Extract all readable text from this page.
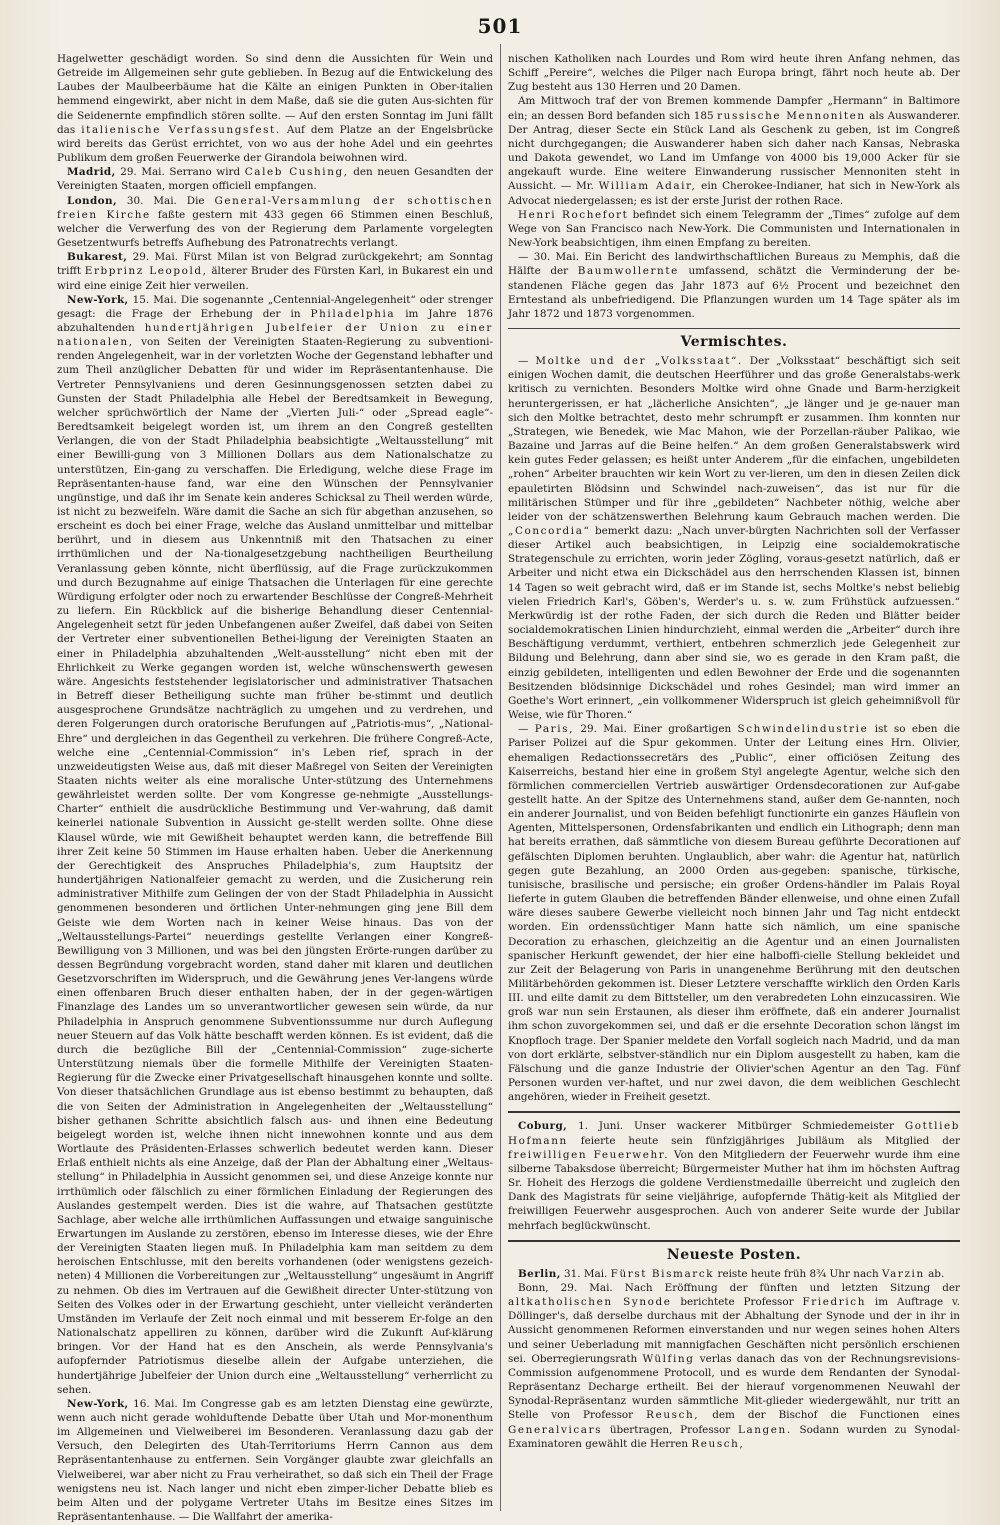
501

Hagelwetter geschädigt worden. So sind denn die Aussichten für Wein und Getreide im Allgemeinen sehr gute geblieben. In Bezug auf die Entwickelung des Laubes der Maulbeerbäume hat die Kälte an einigen Punkten in Ober-italien hemmend eingewirkt, aber nicht in dem Maße, daß sie die guten Aus-sichten für die Seidenernte empfindlich stören sollte. — Auf den ersten Sonntag im Juni fällt das italienische Verfassungsfest. Auf dem Platze an der Engelsbrücke wird bereits das Gerüst errichtet, von wo aus der hohe Adel und ein geehrtes Publikum dem großen Feuerwerke der Girandola beiwohnen wird.

Madrid, 29. Mai. Serrano wird Caleb Cushing, den neuen Gesandten der Vereinigten Staaten, morgen officiell empfangen.

London, 30. Mai. Die General-Versammlung der schottischen freien Kirche faßte gestern mit 433 gegen 66 Stimmen einen Beschluß, welcher die Verwerfung des von der Regierung dem Parlamente vorgelegten Gesetzentwurfs betreffs Aufhebung des Patronatrechts verlangt.

Bukarest, 29. Mai. Fürst Milan ist von Belgrad zurückgekehrt; am Sonntag trifft Erbprinz Leopold, älterer Bruder des Fürsten Karl, in Bukarest ein und wird eine einige Zeit hier verweilen.

New-York, 15. Mai. Die sogenannte „Centennial-Angelegenheit“ oder strenger gesagt: die Frage der Erhebung der in Philadelphia im Jahre 1876 abzuhaltenden hundertjährigen Jubelfeier der Union zu einer nationalen, von Seiten der Vereinigten Staaten-Regierung zu subventioni-renden Angelegenheit, war in der vorletzten Woche der Gegenstand lebhafter und zum Theil anzüglicher Debatten für und wider im Repräsentantenhause. Die Vertreter Pennsylvaniens und deren Gesinnungsgenossen setzten dabei zu Gunsten der Stadt Philadelphia alle Hebel der Beredtsamkeit in Bewegung, welcher sprüchwörtlich der Name der „Vierten Juli-“ oder „Spread eagle“-Beredtsamkeit beigelegt worden ist, um ihrem an den Congreß gestellten Verlangen, die von der Stadt Philadelphia beabsichtigte „Weltausstellung“ mit einer Bewilli-gung von 3 Millionen Dollars aus dem Nationalschatze zu unterstützen, Ein-gang zu verschaffen. Die Erledigung, welche diese Frage im Repräsentanten-hause fand, war eine den Wünschen der Pennsylvanier ungünstige, und daß ihr im Senate kein anderes Schicksal zu Theil werden würde, ist nicht zu bezweifeln. Wäre damit die Sache an sich für abgethan anzusehen, so erscheint es doch bei einer Frage, welche das Ausland unmittelbar und mittelbar berührt, und in diesem aus Unkenntniß mit den Thatsachen zu einer irrthümlichen und der Na-tionalgesetzgebung nachtheiligen Beurtheilung Veranlassung geben könnte, nicht überflüssig, auf die Frage zurückzukommen und durch Bezugnahme auf einige Thatsachen die Unterlagen für eine gerechte Würdigung erfolgter oder noch zu erwartender Beschlüsse der Congreß-Mehrheit zu liefern. Ein Rückblick auf die bisherige Behandlung dieser Centennial-Angelegenheit setzt für jeden Unbefangenen außer Zweifel, daß dabei von Seiten der Vertreter einer subventionellen Bethei-ligung der Vereinigten Staaten an einer in Philadelphia abzuhaltenden „Welt-ausstellung“ nicht eben mit der Ehrlichkeit zu Werke gegangen worden ist, welche wünschenswerth gewesen wäre. Angesichts feststehender legislatorischer und administrativer Thatsachen in Betreff dieser Betheiligung suchte man früher be-stimmt und deutlich ausgesprochene Grundsätze nachträglich zu umgehen und zu verdrehen, und deren Folgerungen durch oratorische Berufungen auf „Patriotis-mus“, „National-Ehre“ und dergleichen in das Gegentheil zu verkehren. Die frühere Congreß-Acte, welche eine „Centennial-Commission“ in's Leben rief, sprach in der unzweideutigsten Weise aus, daß mit dieser Maßregel von Seiten der Vereinigten Staaten nichts weiter als eine moralische Unter-stützung des Unternehmens gewährleistet werden sollte. Der vom Kongresse ge-nehmigte „Ausstellungs-Charter“ enthielt die ausdrückliche Bestimmung und Ver-wahrung, daß damit keinerlei nationale Subvention in Aussicht ge-stellt werden sollte. Ohne diese Klausel würde, wie mit Gewißheit behauptet werden kann, die betreffende Bill ihrer Zeit keine 50 Stimmen im Hause erhalten haben. Ueber die Anerkennung der Gerechtigkeit des Anspruches Philadelphia's, zum Hauptsitz der hundertjährigen Nationalfeier gemacht zu werden, und die Zusicherung rein administrativer Mithilfe zum Gelingen der von der Stadt Philadelphia in Aussicht genommenen besonderen und örtlichen Unter-nehmungen ging jene Bill dem Geiste wie dem Worten nach in keiner Weise hinaus. Das von der „Weltausstellungs-Partei“ neuerdings gestellte Verlangen einer Kongreß-Bewilligung von 3 Millionen, und was bei den jüngsten Erörte-rungen darüber zu dessen Begründung vorgebracht worden, stand daher mit klaren und deutlichen Gesetzvorschriften im Widerspruch, und die Gewährung jenes Ver-langens würde einen offenbaren Bruch dieser enthalten haben, der in der gegen-wärtigen Finanzlage des Landes um so unverantwortlicher gewesen sein würde, da nur Philadelphia in Anspruch genommene Subventionssumme nur durch Auflegung neuer Steuern auf das Volk hätte beschafft werden können. Es ist evident, daß die durch die bezügliche Bill der „Centennial-Commission“ zuge-sicherte Unterstützung niemals über die formelle Mithilfe der Vereinigten Staaten-Regierung für die Zwecke einer Privatgesellschaft hinausgehen konnte und sollte. Von dieser thatsächlichen Grundlage aus ist ebenso bestimmt zu behaupten, daß die von Seiten der Administration in Angelegenheiten der „Weltausstellung“ bisher gethanen Schritte absichtlich falsch aus- und ihnen eine Bedeutung beigelegt worden ist, welche ihnen nicht innewohnen konnte und aus dem Wortlaute des Präsidenten-Erlasses schwerlich bedeutet werden kann. Dieser Erlaß enthielt nichts als eine Anzeige, daß der Plan der Abhaltung einer „Weltaus-stellung“ in Philadelphia in Aussicht genommen sei, und diese Anzeige konnte nur irrthümlich oder fälschlich zu einer förmlichen Einladung der Regierungen des Auslandes gestempelt werden. Dies ist die wahre, auf Thatsachen gestützte Sachlage, aber welche alle irrthümlichen Auffassungen und etwaige sanguinische Erwartungen im Auslande zu zerstören, ebenso im Interesse dieses, wie der Ehre der Vereinigten Staaten liegen muß. In Philadelphia kam man seitdem zu dem heroischen Entschlusse, mit den bereits vorhandenen (oder wenigstens gezeich-neten) 4 Millionen die Vorbereitungen zur „Weltausstellung“ ungesäumt in Angriff zu nehmen. Ob dies im Vertrauen auf die Gewißheit directer Unter-stützung von Seiten des Volkes oder in der Erwartung geschieht, unter vielleicht veränderten Umständen im Verlaufe der Zeit noch einmal und mit besserem Er-folge an den Nationalschatz appelliren zu können, darüber wird die Zukunft Auf-klärung bringen. Vor der Hand hat es den Anschein, als werde Pennsylvania's aufopfernder Patriotismus dieselbe allein der Aufgabe unterziehen, die hundertjährige Jubelfeier der Union durch eine „Weltausstellung“ verherrlicht zu sehen.

New-York, 16. Mai. Im Congresse gab es am letzten Dienstag eine gewürzte, wenn auch nicht gerade wohlduftende Debatte über Utah und Mor-monenthum im Allgemeinen und Vielweiberei im Besonderen. Veranlassung dazu gab der Versuch, den Delegirten des Utah-Territoriums Herrn Cannon aus dem Repräsentantenhause zu entfernen. Sein Vorgänger glaubte zwar gleichfalls an Vielweiberei, war aber nicht zu Frau verheirathet, so daß sich ein Theil der Frage wenigstens neu ist. Nach langer und nicht eben zimper-licher Debatte blieb es beim Alten und der polygame Vertreter Utahs im Besitze eines Sitzes im Repräsentantenhause. — Die Wallfahrt der amerika-

nischen Katholiken nach Lourdes und Rom wird heute ihren Anfang nehmen, das Schiff „Pereire“, welches die Pilger nach Europa bringt, fährt noch heute ab. Der Zug besteht aus 130 Herren und 20 Damen.

Am Mittwoch traf der von Bremen kommende Dampfer „Hermann“ in Baltimore ein; an dessen Bord befanden sich 185 russische Mennoniten als Auswanderer. Der Antrag, dieser Secte ein Stück Land als Geschenk zu geben, ist im Congreß nicht durchgegangen; die Auswanderer haben sich daher nach Kansas, Nebraska und Dakota gewendet, wo Land im Umfange von 4000 bis 19,000 Acker für sie angekauft wurde. Eine weitere Einwanderung russischer Mennoniten steht in Aussicht. — Mr. William Adair, ein Cherokee-Indianer, hat sich in New-York als Advocat niedergelassen; es ist der erste Jurist der rothen Race.

Henri Rochefort befindet sich einem Telegramm der „Times“ zufolge auf dem Wege von San Francisco nach New-York. Die Communisten und Internationalen in New-York beabsichtigen, ihm einen Empfang zu bereiten.

— 30. Mai. Ein Bericht des landwirthschaftlichen Bureaus zu Memphis, daß die Hälfte der Baumwollernte umfassend, schätzt die Verminderung der be-standenen Fläche gegen das Jahr 1873 auf 6½ Procent und bezeichnet den Erntestand als unbefriedigend. Die Pflanzungen wurden um 14 Tage später als im Jahr 1872 und 1873 vorgenommen.

Vermischtes.

— Moltke und der „Volksstaat“. Der „Volksstaat“ beschäftigt sich seit einigen Wochen damit, die deutschen Heerführer und das große Generalstabs-werk kritisch zu vernichten. Besonders Moltke wird ohne Gnade und Barm-herzigkeit heruntergerissen, er hat „lächerliche Ansichten“, „je länger und je ge-nauer man sich den Moltke betrachtet, desto mehr schrumpft er zusammen. Ihm konnten nur „Strategen, wie Benedek, wie Mac Mahon, wie der Porzellan-räuber Palikao, wie Bazaine und Jarras auf die Beine helfen.“ An dem großen Generalstabswerk wird kein gutes Feder gelassen; es heißt unter Anderem „für die einfachen, ungebildeten „rohen“ Arbeiter brauchten wir kein Wort zu ver-lieren, um den in diesen Zeilen dick epauletirten Blödsinn und Schwindel nach-zuweisen“, das ist nur für die militärischen Stümper und für ihre „gebildeten“ Nachbeter nöthig, welche aber leider von der schätzenswerthen Belehrung kaum Gebrauch machen werden. Die „Concordia“ bemerkt dazu: „Nach unver-bürgten Nachrichten soll der Verfasser dieser Artikel auch beabsichtigen, in Leipzig eine socialdemokratische Strategenschule zu errichten, worin jeder Zögling, voraus-gesetzt natürlich, daß er Arbeiter und nicht etwa ein Dickschädel aus den herrschenden Klassen ist, binnen 14 Tagen so weit gebracht wird, daß er im Stande ist, sechs Moltke's nebst beliebig vielen Friedrich Karl's, Göben's, Werder's u. s. w. zum Frühstück aufzuessen.“ Merkwürdig ist der rothe Faden, der sich durch die Reden und Blätter beider socialdemokratischen Linien hindurchzieht, einmal werden die „Arbeiter“ durch ihre Beschäftigung verdummt, verthiert, entbehren schmerzlich jede Gelegenheit zur Bildung und Belehrung, dann aber sind sie, wo es gerade in den Kram paßt, die einzig gebildeten, intelligenten und edlen Bewohner der Erde und die sogenannten Besitzenden blödsinnige Dickschädel und rohes Gesindel; man wird immer an Goethe's Wort erinnert, „ein vollkommener Widerspruch ist gleich geheimnißvoll für Weise, wie für Thoren.“

— Paris, 29. Mai. Einer großartigen Schwindelindustrie ist so eben die Pariser Polizei auf die Spur gekommen. Unter der Leitung eines Hrn. Olivier, ehemaligen Redactionssecretärs des „Public“, einer officiösen Zeitung des Kaiserreichs, bestand hier eine in großem Styl angelegte Agentur, welche sich den förmlichen commerciellen Vertrieb auswärtiger Ordensdecorationen zur Auf-gabe gestellt hatte. An der Spitze des Unternehmens stand, außer dem Ge-nannten, noch ein anderer Journalist, und von Beiden befehligt functionirte ein ganzes Häuflein von Agenten, Mittelspersonen, Ordensfabrikanten und endlich ein Lithograph; denn man hat bereits errathen, daß sämmtliche von diesem Bureau geführte Decorationen auf gefälschten Diplomen beruhten. Unglaublich, aber wahr: die Agentur hat, natürlich gegen gute Bezahlung, an 2000 Orden aus-gegeben: spanische, türkische, tunisische, brasilische und persische; ein großer Ordens-händler im Palais Royal lieferte in gutem Glauben die betreffenden Bänder ellenweise, und ohne einen Zufall wäre dieses saubere Gewerbe vielleicht noch binnen Jahr und Tag nicht entdeckt worden. Ein ordenssüchtiger Mann hatte sich nämlich, um eine spanische Decoration zu erhaschen, gleichzeitig an die Agentur und an einen Journalisten spanischer Herkunft gewendet, der hier eine halboffi-cielle Stellung bekleidet und zur Zeit der Belagerung von Paris in unangenehme Berührung mit den deutschen Militärbehörden gekommen ist. Dieser Letztere verschaffte wirklich den Orden Karls III. und eilte damit zu dem Bittsteller, um den verabredeten Lohn einzucassiren. Wie groß war nun sein Erstaunen, als dieser ihm eröffnete, daß ein anderer Journalist ihm schon zuvorgekommen sei, und daß er die ersehnte Decoration schon längst im Knopfloch trage. Der Spanier meldete den Vorfall sogleich nach Madrid, und da man von dort erklärte, selbstver-ständlich nur ein Diplom ausgestellt zu haben, kam die Fälschung und die ganze Industrie der Olivier'schen Agentur an den Tag. Fünf Personen wurden ver-haftet, und nur zwei davon, die dem weiblichen Geschlecht angehören, wieder in Freiheit gesetzt.

Coburg, 1. Juni. Unser wackerer Mitbürger Schmiedemeister Gottlieb Hofmann feierte heute sein fünfzigjähriges Jubiläum als Mitglied der freiwilligen Feuerwehr. Von den Mitgliedern der Feuerwehr wurde ihm eine silberne Tabaksdose überreicht; Bürgermeister Muther hat ihm im höchsten Auftrag Sr. Hoheit des Herzogs die goldene Verdienstmedaille überreicht und zugleich den Dank des Magistrats für seine vieljährige, aufopfernde Thätig-keit als Mitglied der freiwilligen Feuerwehr ausgesprochen. Auch von anderer Seite wurde der Jubilar mehrfach beglückwünscht.

Neueste Posten.

Berlin, 31. Mai. Fürst Bismarck reiste heute früh 8¾ Uhr nach Varzin ab.

Bonn, 29. Mai. Nach Eröffnung der fünften und letzten Sitzung der altkatholischen Synode berichtete Professor Friedrich im Auftrage v. Döllinger's, daß derselbe durchaus mit der Abhaltung der Synode und der in ihr in Aussicht genommenen Reformen einverstanden und nur wegen seines hohen Alters und seiner Ueberladung mit mannigfachen Geschäften nicht persönlich erschienen sei. Oberregierungsrath Wülfing verlas danach das von der Rechnungsrevisions-Commission aufgenommene Protocoll, und es wurde dem Rendanten der Synodal-Repräsentanz Decharge ertheilt. Bei der hierauf vorgenommenen Neuwahl der Synodal-Repräsentanz wurden sämmtliche Mit-glieder wiedergewählt, nur tritt an Stelle von Professor Reusch, dem der Bischof die Functionen eines Generalvicars übertragen, Professor Langen. Sodann wurden zu Synodal-Examinatoren gewählt die Herren Reusch,
